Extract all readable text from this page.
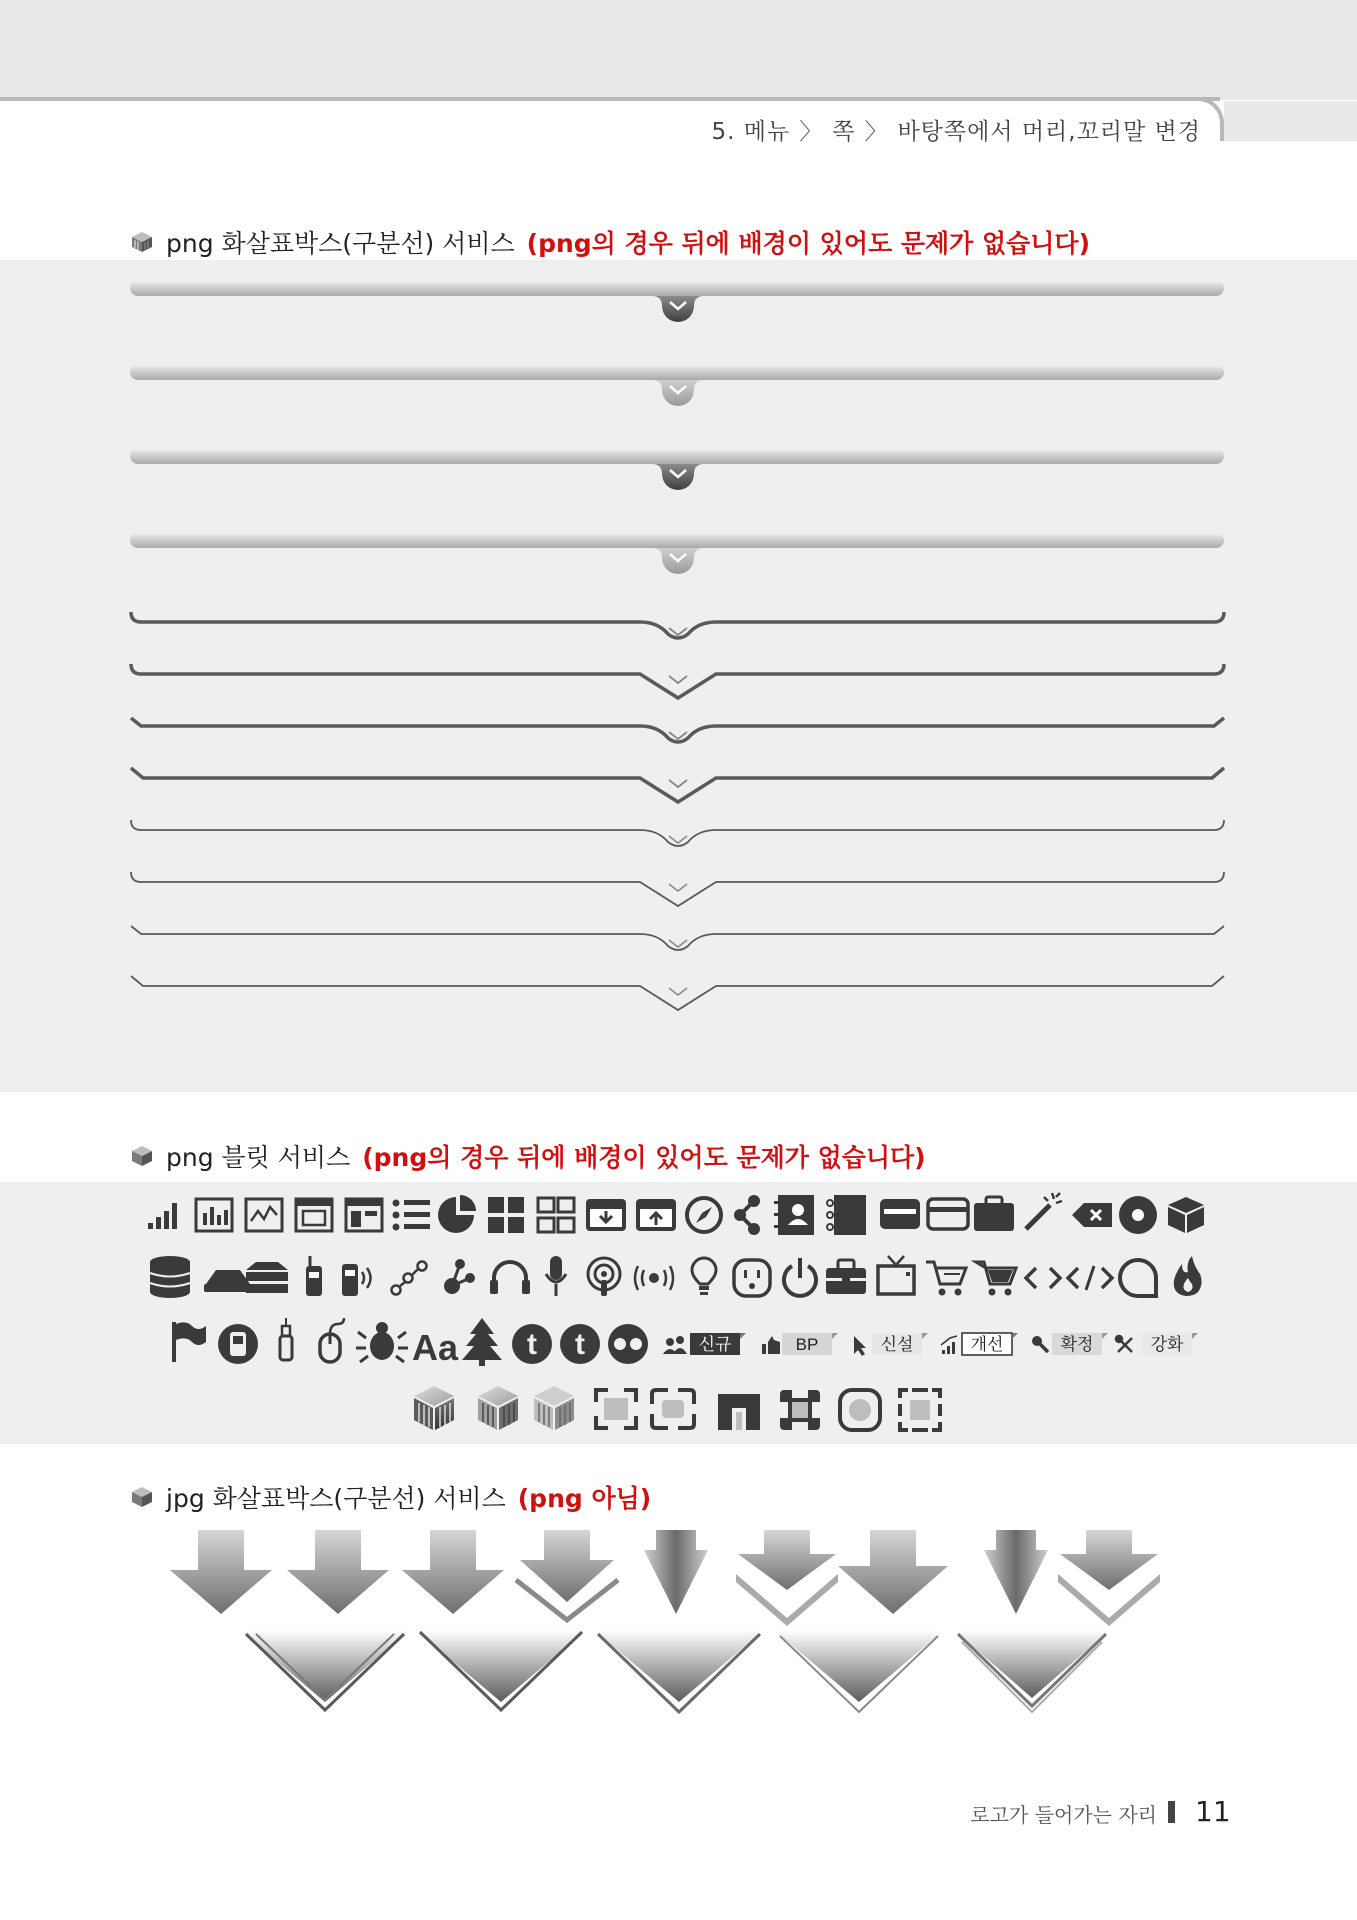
5. 메뉴 〉 쪽 〉 바탕쪽에서 머리,꼬리말 변경
png 화살표박스(구분선) 서비스 (png의 경우 뒤에 배경이 있어도 문제가 없습니다)
png 블릿 서비스 (png의 경우 뒤에 배경이 있어도 문제가 없습니다)
Aa t t	신규	BP	신설	개선	확정	강화
jpg 화살표박스(구분선) 서비스 (png 아님)
로고가 들어가는 자리 11
